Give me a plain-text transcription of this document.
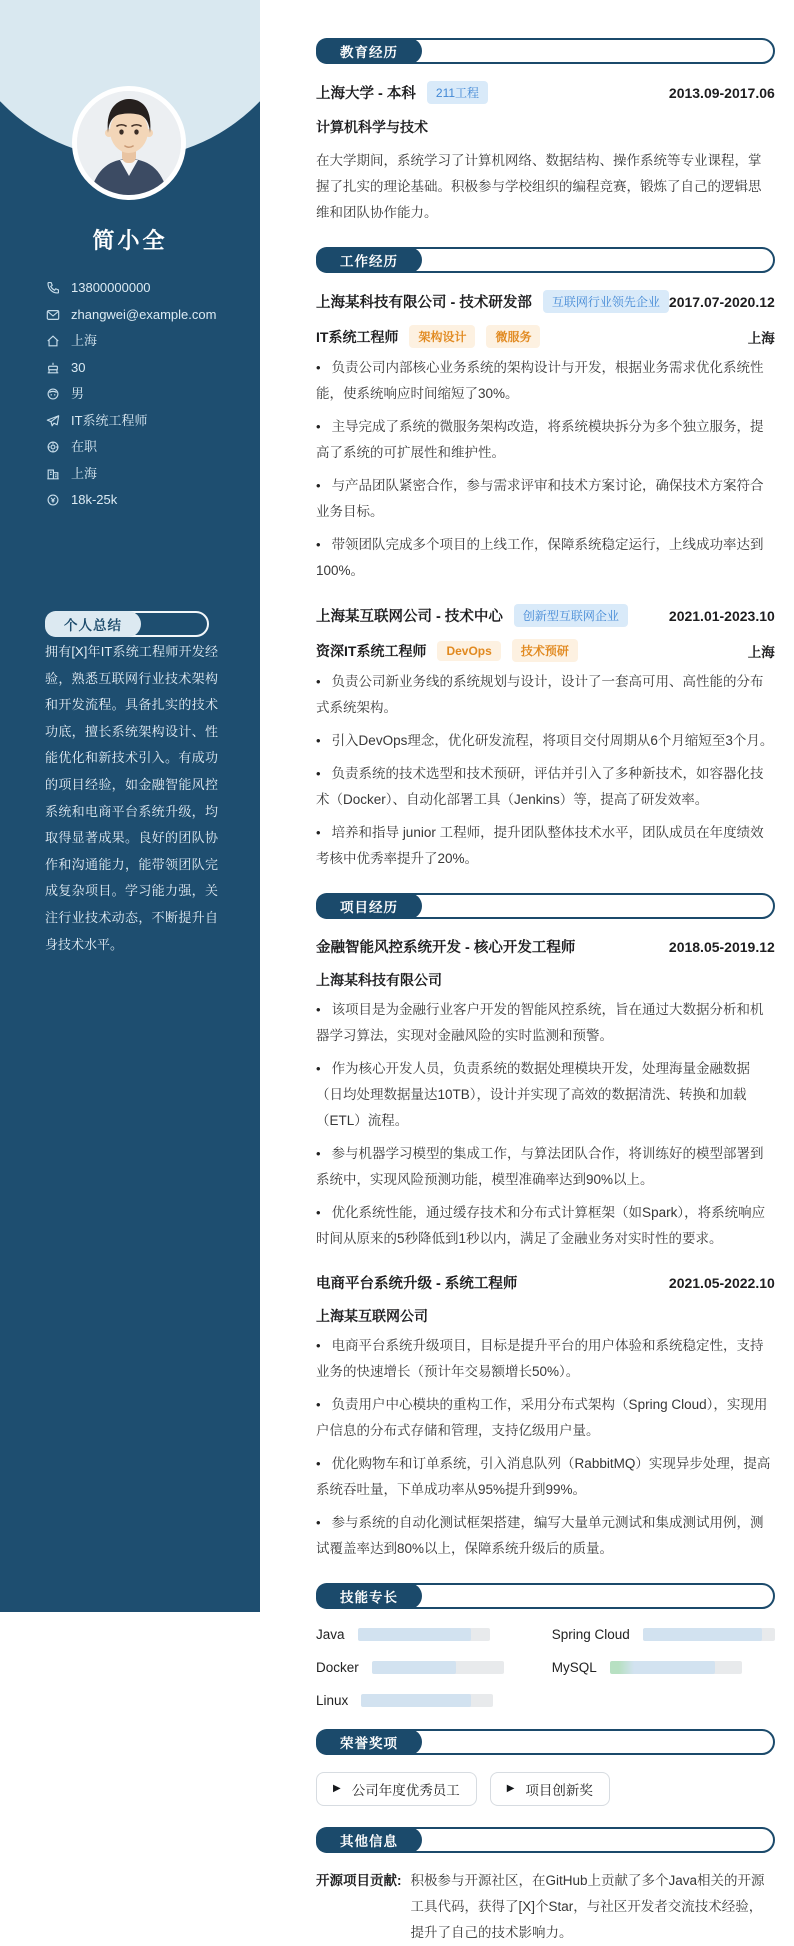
简小全
13800000000
zhangwei@example.com
上海
30
男
IT系统工程师
在职
上海
18k-25k
个人总结

拥有[X]年IT系统工程师开发经验，熟悉互联网行业技术架构和开发流程。具备扎实的技术功底，擅长系统架构设计、性能优化和新技术引入。有成功的项目经验，如金融智能风控系统和电商平台系统升级，均取得显著成果。良好的团队协作和沟通能力，能带领团队完成复杂项目。学习能力强，关注行业技术动态，不断提升自身技术水平。

教育经历
上海大学 - 本科	211工程	2013.09-2017.06

计算机科学与技术

在大学期间，系统学习了计算机网络、数据结构、操作系统等专业课程，掌握了扎实的理论基础。积极参与学校组织的编程竞赛，锻炼了自己的逻辑思维和团队协作能力。

工作经历
上海某科技有限公司 - 技术研发部	互联网行业领先企业 2017.07-2020.12
IT系统工程师	架构设计	微服务	上海

• 负责公司内部核心业务系统的架构设计与开发，根据业务需求优化系统性能，使系统响应时间缩短了30%。

• 主导完成了系统的微服务架构改造，将系统模块拆分为多个独立服务，提高了系统的可扩展性和维护性。

• 与产品团队紧密合作，参与需求评审和技术方案讨论，确保技术方案符合业务目标。

• 带领团队完成多个项目的上线工作，保障系统稳定运行，上线成功率达到100%。

上海某互联网公司 - 技术中心	创新型互联网企业	2021.01-2023.10
资深IT系统工程师	DevOps	技术预研	上海

• 负责公司新业务线的系统规划与设计，设计了一套高可用、高性能的分布式系统架构。

• 引入DevOps理念，优化研发流程，将项目交付周期从6个月缩短至3个月。

• 负责系统的技术选型和技术预研，评估并引入了多种新技术，如容器化技术（Docker）、自动化部署工具（Jenkins）等，提高了研发效率。

• 培养和指导 junior 工程师，提升团队整体技术水平，团队成员在年度绩效考核中优秀率提升了20%。

项目经历
金融智能风控系统开发 - 核心开发工程师	2018.05-2019.12

上海某科技有限公司

• 该项目是为金融行业客户开发的智能风控系统，旨在通过大数据分析和机器学习算法，实现对金融风险的实时监测和预警。

• 作为核心开发人员，负责系统的数据处理模块开发，处理海量金融数据（日均处理数据量达10TB），设计并实现了高效的数据清洗、转换和加载（ETL）流程。

• 参与机器学习模型的集成工作，与算法团队合作，将训练好的模型部署到系统中，实现风险预测功能，模型准确率达到90%以上。

• 优化系统性能，通过缓存技术和分布式计算框架（如Spark），将系统响应时间从原来的5秒降低到1秒以内，满足了金融业务对实时性的要求。

电商平台系统升级 - 系统工程师	2021.05-2022.10

上海某互联网公司

• 电商平台系统升级项目，目标是提升平台的用户体验和系统稳定性，支持业务的快速增长（预计年交易额增长50%）。

• 负责用户中心模块的重构工作，采用分布式架构（Spring Cloud），实现用户信息的分布式存储和管理，支持亿级用户量。

• 优化购物车和订单系统，引入消息队列（RabbitMQ）实现异步处理，提高系统吞吐量，下单成功率从95%提升到99%。

• 参与系统的自动化测试框架搭建，编写大量单元测试和集成测试用例，测试覆盖率达到80%以上，保障系统升级后的质量。

技能专长
Java	Spring Cloud
Docker	MySQL
Linux
荣誉奖项
▶ 公司年度优秀员工	▶ 项目创新奖
其他信息
开源项目贡献: 积极参与开源社区，在GitHub上贡献了多个Java相关的开源工具代码，获得了[X]个Star，与社区开发者交流技术经验，提升了自己的技术影响力。
